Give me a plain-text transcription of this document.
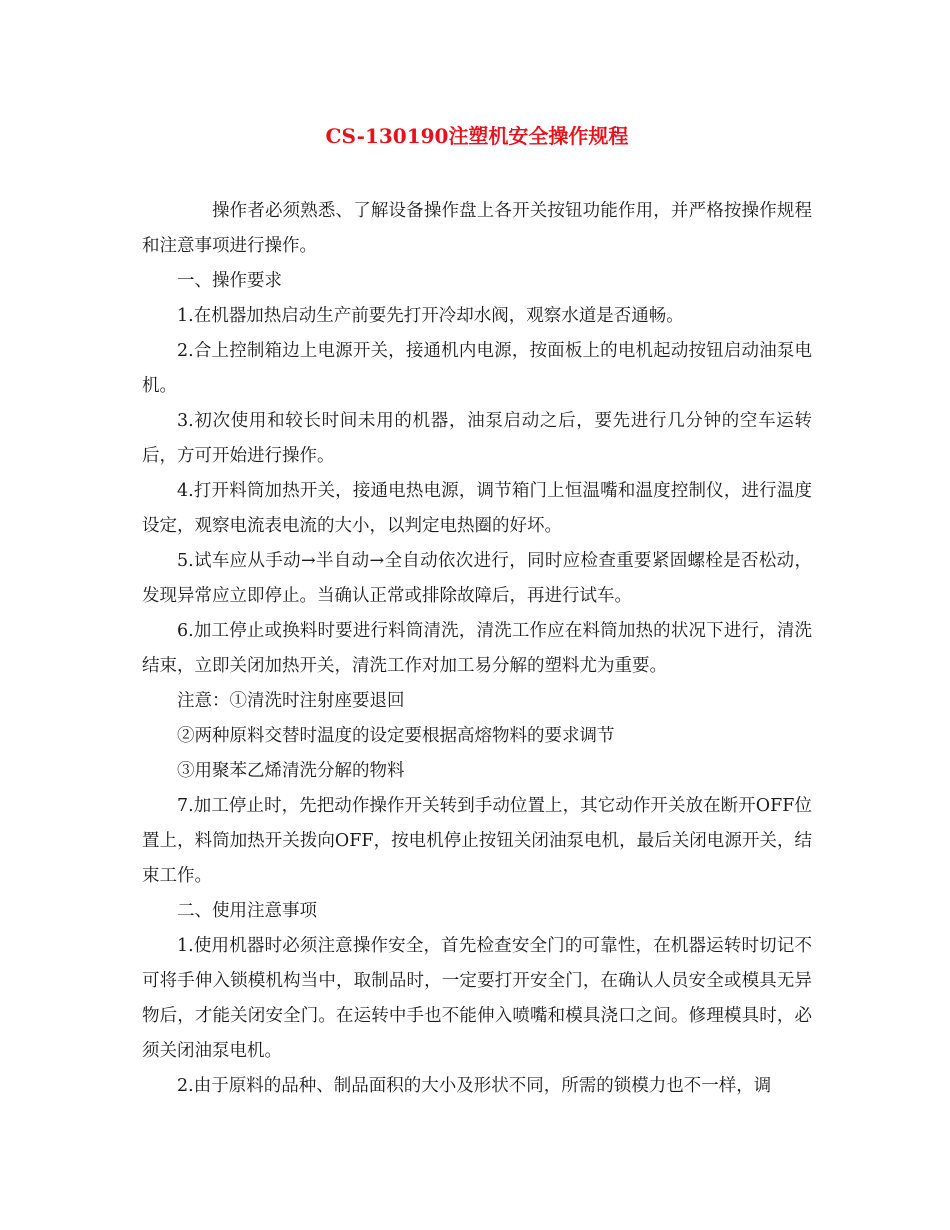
CS-130190注塑机安全操作规程

操作者必须熟悉、了解设备操作盘上各开关按钮功能作用，并严格按操作规程和注意事项进行操作。

一、操作要求

1.在机器加热启动生产前要先打开冷却水阀，观察水道是否通畅。

2.合上控制箱边上电源开关，接通机内电源，按面板上的电机起动按钮启动油泵电机。

3.初次使用和较长时间未用的机器，油泵启动之后，要先进行几分钟的空车运转后，方可开始进行操作。

4.打开料筒加热开关，接通电热电源，调节箱门上恒温嘴和温度控制仪，进行温度设定，观察电流表电流的大小，以判定电热圈的好坏。

5.试车应从手动→半自动→全自动依次进行，同时应检查重要紧固螺栓是否松动，发现异常应立即停止。当确认正常或排除故障后，再进行试车。

6.加工停止或换料时要进行料筒清洗，清洗工作应在料筒加热的状况下进行，清洗结束，立即关闭加热开关，清洗工作对加工易分解的塑料尤为重要。

注意：①清洗时注射座要退回

②两种原料交替时温度的设定要根据高熔物料的要求调节

③用聚苯乙烯清洗分解的物料

7.加工停止时，先把动作操作开关转到手动位置上，其它动作开关放在断开OFF位置上，料筒加热开关拨向OFF，按电机停止按钮关闭油泵电机，最后关闭电源开关，结束工作。

二、使用注意事项

1.使用机器时必须注意操作安全，首先检查安全门的可靠性，在机器运转时切记不可将手伸入锁模机构当中，取制品时，一定要打开安全门，在确认人员安全或模具无异物后，才能关闭安全门。在运转中手也不能伸入喷嘴和模具浇口之间。修理模具时，必须关闭油泵电机。

2.由于原料的品种、制品面积的大小及形状不同，所需的锁模力也不一样，调
